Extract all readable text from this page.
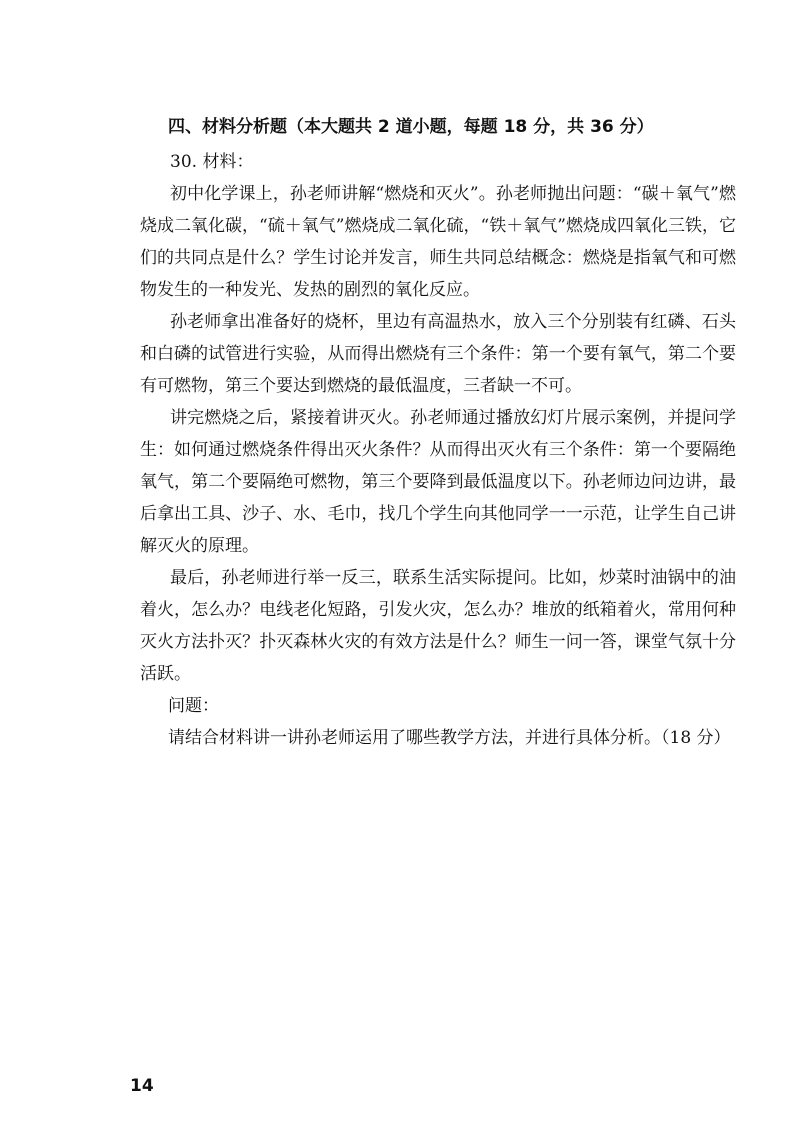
四、材料分析题（本大题共 2 道小题，每题 18 分，共 36 分）

30. 材料：

初中化学课上，孙老师讲解“燃烧和灭火”。孙老师抛出问题：“碳＋氧气”燃烧成二氧化碳，“硫＋氧气”燃烧成二氧化硫，“铁＋氧气”燃烧成四氧化三铁，它们的共同点是什么？学生讨论并发言，师生共同总结概念：燃烧是指氧气和可燃物发生的一种发光、发热的剧烈的氧化反应。

孙老师拿出准备好的烧杯，里边有高温热水，放入三个分别装有红磷、石头和白磷的试管进行实验，从而得出燃烧有三个条件：第一个要有氧气，第二个要有可燃物，第三个要达到燃烧的最低温度，三者缺一不可。

讲完燃烧之后，紧接着讲灭火。孙老师通过播放幻灯片展示案例，并提问学生：如何通过燃烧条件得出灭火条件？从而得出灭火有三个条件：第一个要隔绝氧气，第二个要隔绝可燃物，第三个要降到最低温度以下。孙老师边问边讲，最后拿出工具、沙子、水、毛巾，找几个学生向其他同学一一示范，让学生自己讲解灭火的原理。

最后，孙老师进行举一反三，联系生活实际提问。比如，炒菜时油锅中的油着火，怎么办？电线老化短路，引发火灾，怎么办？堆放的纸箱着火，常用何种灭火方法扑灭？扑灭森林火灾的有效方法是什么？师生一问一答，课堂气氛十分活跃。

问题：

请结合材料讲一讲孙老师运用了哪些教学方法，并进行具体分析。（18 分）

14
